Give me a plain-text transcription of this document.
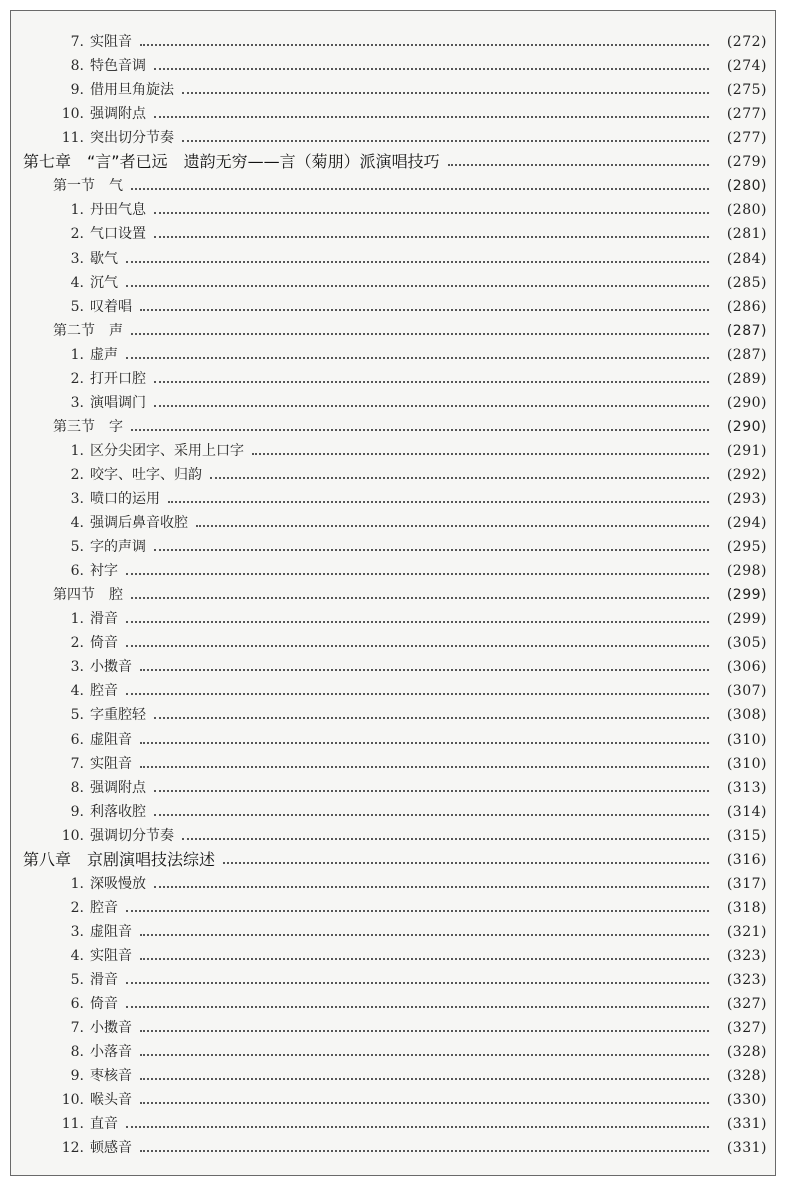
7. 实阻音	(272)
8. 特色音调	(274)
9. 借用旦角旋法	(275)
10. 强调附点	(277)
11. 突出切分节奏	(277)
第七章　“言”者已远　遗韵无穷——言（菊朋）派演唱技巧	(279)
第一节　气	(280)
1. 丹田气息	(280)
2. 气口设置	(281)
3. 歇气	(284)
4. 沉气	(285)
5. 叹着唱	(286)
第二节　声	(287)
1. 虚声	(287)
2. 打开口腔	(289)
3. 演唱调门	(290)
第三节　字	(290)
1. 区分尖团字、采用上口字	(291)
2. 咬字、吐字、归韵	(292)
3. 喷口的运用	(293)
4. 强调后鼻音收腔	(294)
5. 字的声调	(295)
6. 衬字	(298)
第四节　腔	(299)
1. 滑音	(299)
2. 倚音	(305)
3. 小擞音	(306)
4. 腔音	(307)
5. 字重腔轻	(308)
6. 虚阻音	(310)
7. 实阻音	(310)
8. 强调附点	(313)
9. 利落收腔	(314)
10. 强调切分节奏	(315)
第八章　京剧演唱技法综述	(316)
1. 深吸慢放	(317)
2. 腔音	(318)
3. 虚阻音	(321)
4. 实阻音	(323)
5. 滑音	(323)
6. 倚音	(327)
7. 小擞音	(327)
8. 小落音	(328)
9. 枣核音	(328)
10. 喉头音	(330)
11. 直音	(331)
12. 顿感音	(331)
